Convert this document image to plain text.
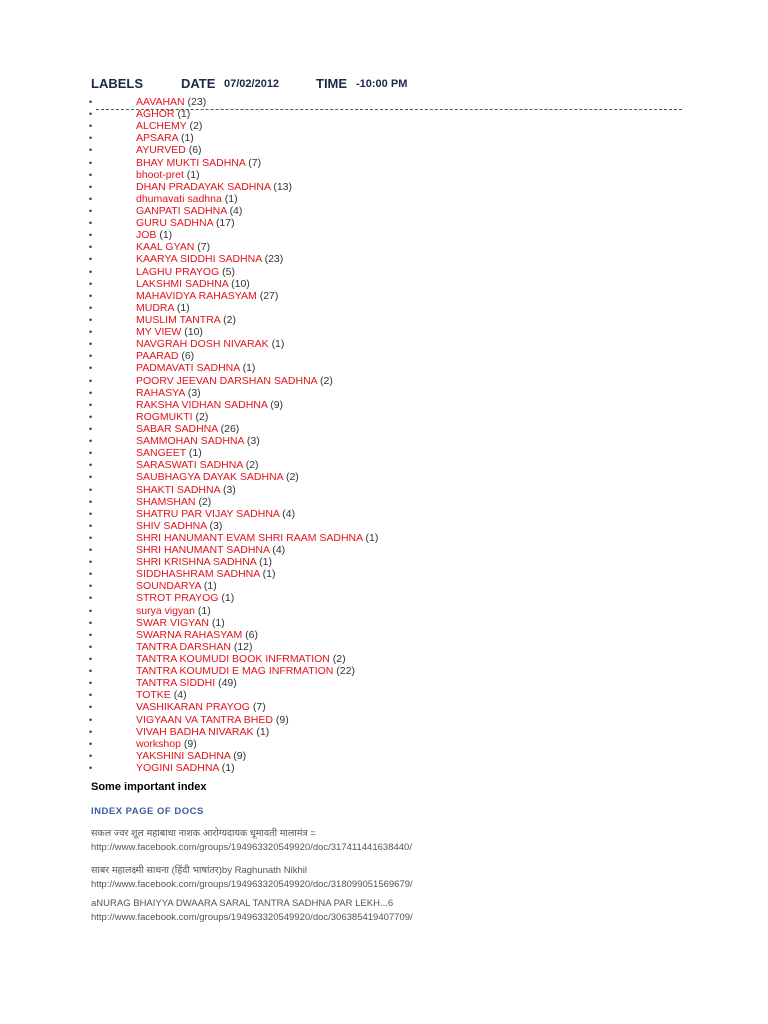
LABELS	DATE 07/02/2012	TIME -10:00 PM
•	AAVAHAN (23)
•	AGHOR (1)
•	ALCHEMY (2)
•	APSARA (1)
•	AYURVED (6)
•	BHAY MUKTI SADHNA (7)
•	bhoot-pret (1)
•	DHAN PRADAYAK SADHNA (13)
•	dhumavati sadhna (1)
•	GANPATI SADHNA (4)
•	GURU SADHNA (17)
•	JOB (1)
•	KAAL GYAN (7)
•	KAARYA SIDDHI SADHNA (23)
•	LAGHU PRAYOG (5)
•	LAKSHMI SADHNA (10)
•	MAHAVIDYA RAHASYAM (27)
•	MUDRA (1)
•	MUSLIM TANTRA (2)
•	MY VIEW (10)
•	NAVGRAH DOSH NIVARAK (1)
•	PAARAD (6)
•	PADMAVATI SADHNA (1)
•	POORV JEEVAN DARSHAN SADHNA (2)
•	RAHASYA (3)
•	RAKSHA VIDHAN SADHNA (9)
•	ROGMUKTI (2)
•	SABAR SADHNA (26)
•	SAMMOHAN SADHNA (3)
•	SANGEET (1)
•	SARASWATI SADHNA (2)
•	SAUBHAGYA DAYAK SADHNA (2)
•	SHAKTI SADHNA (3)
•	SHAMSHAN (2)
•	SHATRU PAR VIJAY SADHNA (4)
•	SHIV SADHNA (3)
•	SHRI HANUMANT EVAM SHRI RAAM SADHNA (1)
•	SHRI HANUMANT SADHNA (4)
•	SHRI KRISHNA SADHNA (1)
•	SIDDHASHRAM SADHNA (1)
•	SOUNDARYA (1)
•	STROT PRAYOG (1)
•	surya vigyan (1)
•	SWAR VIGYAN (1)
•	SWARNA RAHASYAM (6)
•	TANTRA DARSHAN (12)
•	TANTRA KOUMUDI BOOK INFRMATION (2)
•	TANTRA KOUMUDI E MAG INFRMATION (22)
•	TANTRA SIDDHI (49)
•	TOTKE (4)
•	VASHIKARAN PRAYOG (7)
•	VIGYAAN VA TANTRA BHED (9)
•	VIVAH BADHA NIVARAK (1)
•	workshop (9)
•	YAKSHINI SADHNA (9)
•	YOGINI SADHNA (1)
Some important index
INDEX PAGE OF DOCS
सकल ज्वर शूल महाबाधा नाशक आरोग्यदायक धूमावती मालामंत्र =
http://www.facebook.com/groups/194963320549920/doc/317411441638440/
साबर महालक्ष्मी साधना (हिंदी भाषांतर)by Raghunath Nikhil
http://www.facebook.com/groups/194963320549920/doc/318099051569679/
aNURAG BHAIYYA DWAARA SARAL TANTRA SADHNA PAR LEKH...6
http://www.facebook.com/groups/194963320549920/doc/306385419407709/
